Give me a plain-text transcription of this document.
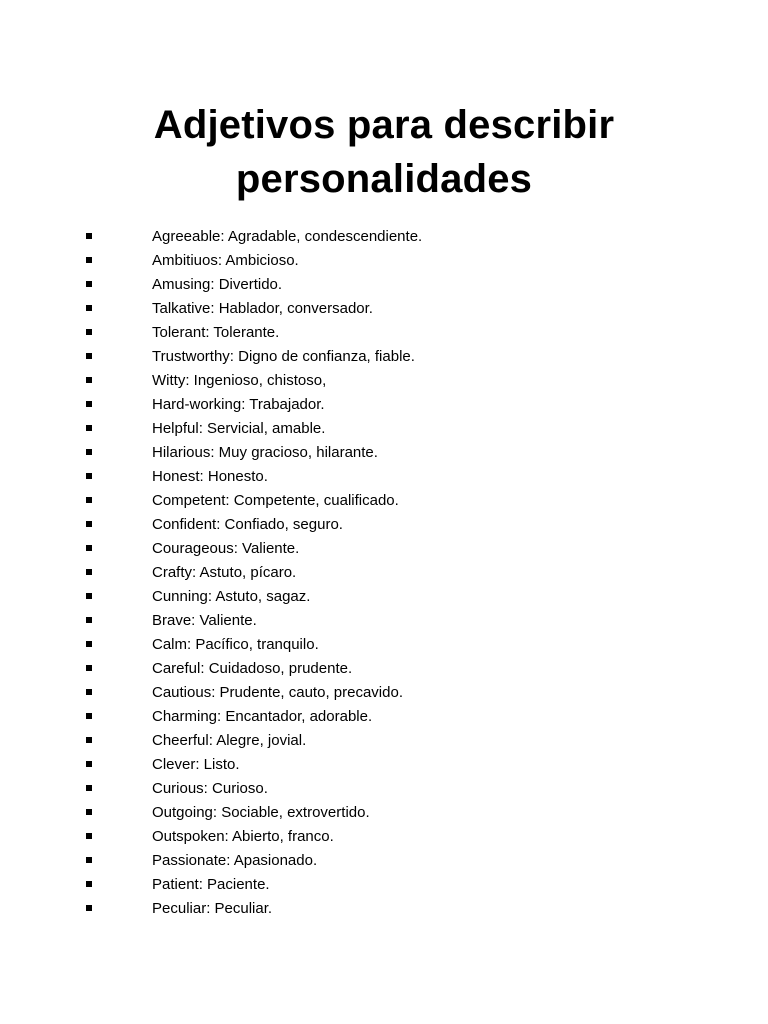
Adjetivos para describir
personalidades
Agreeable: Agradable, condescendiente.
Ambitiuos: Ambicioso.
Amusing: Divertido.
Talkative: Hablador, conversador.
Tolerant: Tolerante.
Trustworthy: Digno de confianza, fiable.
Witty: Ingenioso, chistoso,
Hard-working: Trabajador.
Helpful: Servicial, amable.
Hilarious: Muy gracioso, hilarante.
Honest: Honesto.
Competent: Competente, cualificado.
Confident: Confiado, seguro.
Courageous: Valiente.
Crafty: Astuto, pícaro.
Cunning: Astuto, sagaz.
Brave: Valiente.
Calm: Pacífico, tranquilo.
Careful: Cuidadoso, prudente.
Cautious: Prudente, cauto, precavido.
Charming: Encantador, adorable.
Cheerful: Alegre, jovial.
Clever: Listo.
Curious: Curioso.
Outgoing: Sociable, extrovertido.
Outspoken: Abierto, franco.
Passionate: Apasionado.
Patient: Paciente.
Peculiar: Peculiar.
